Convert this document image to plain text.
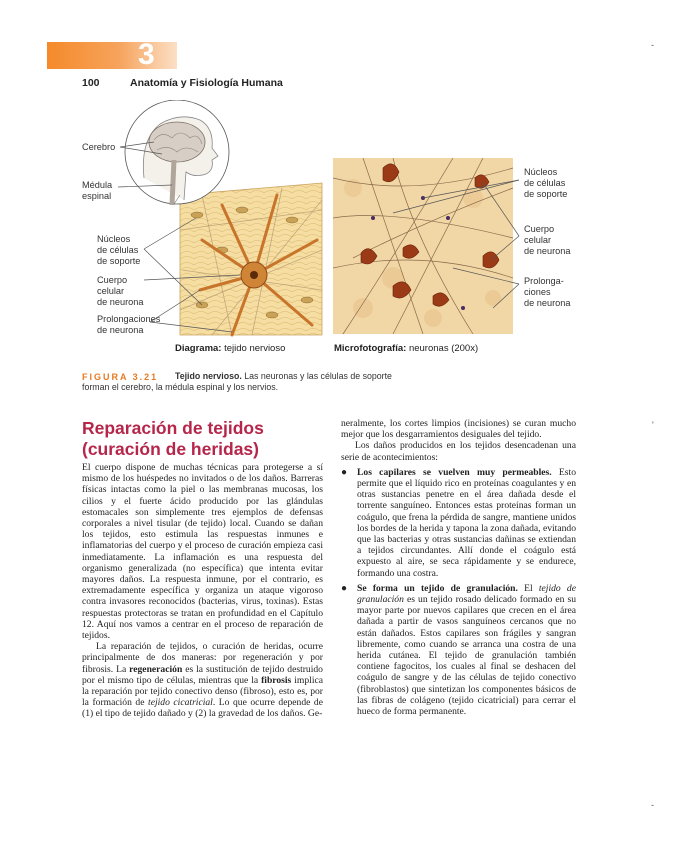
3
100	Anatomía y Fisiología Humana
-
'
-
Cerebro
Médula
espinal
Núcleos
de células
de soporte
Cuerpo
celular
de neurona
Prolongaciones
de neurona
Diagrama: tejido nervioso
Núcleos
de células
de soporte
Cuerpo
celular
de neurona
Prolonga-
ciones
de neurona
Microfotografía: neuronas (200x)
FIGURA 3.21 Tejido nervioso. Las neuronas y las células de soporte
forman el cerebro, la médula espinal y los nervios.
Reparación de tejidos
(curación de heridas)

El cuerpo dispone de muchas técnicas para protegerse a sí mismo de los huéspedes no invitados o de los daños. Barreras físicas intactas como la piel o las membranas mucosas, los cilios y el fuerte ácido producido por las glándulas estomacales son simplemente tres ejemplos de defensas corporales a nivel tisular (de tejido) local. Cuando se dañan los tejidos, esto estimula las respuestas inmunes e inflamatorias del cuerpo y el proceso de curación empieza casi inmediatamente. La inflamación es una respuesta del organismo generalizada (no específica) que intenta evitar mayores daños. La respuesta inmune, por el contrario, es extremadamente específica y organiza un ataque vigoroso contra invasores reconocidos (bacterias, virus, toxinas). Estas respuestas protectoras se tratan en profundidad en el Capítulo 12. Aquí nos vamos a centrar en el proceso de reparación de tejidos.

La reparación de tejidos, o curación de heridas, ocurre principalmente de dos maneras: por regeneración y por fibrosis. La regeneración es la sustitución de tejido destruido por el mismo tipo de células, mientras que la fibrosis implica la reparación por tejido conectivo denso (fibroso), esto es, por la formación de tejido cicatricial. Lo que ocurre depende de (1) el tipo de tejido dañado y (2) la gravedad de los daños. Ge-

neralmente, los cortes limpios (incisiones) se curan mucho mejor que los desgarramientos desiguales del tejido.

Los daños producidos en los tejidos desencadenan una serie de acontecimientos:

● Los capilares se vuelven muy permeables. Esto permite que el líquido rico en proteínas coagulantes y en otras sustancias penetre en el área dañada desde el torrente sanguíneo. Entonces estas proteínas forman un coágulo, que frena la pérdida de sangre, mantiene unidos los bordes de la herida y tapona la zona dañada, evitando que las bacterias y otras sustancias dañinas se extiendan a tejidos circundantes. Allí donde el coágulo está expuesto al aire, se seca rápidamente y se endurece, formando una costra.

● Se forma un tejido de granulación. El tejido de granulación es un tejido rosado delicado formado en su mayor parte por nuevos capilares que crecen en el área dañada a partir de vasos sanguíneos cercanos que no están dañados. Estos capilares son frágiles y sangran libremente, como cuando se arranca una costra de una herida cutánea. El tejido de granulación también contiene fagocitos, los cuales al final se deshacen del coágulo de sangre y de las células de tejido conectivo (fibroblastos) que sintetizan los componentes básicos de las fibras de colágeno (tejido cicatricial) para cerrar el hueco de forma permanente.
